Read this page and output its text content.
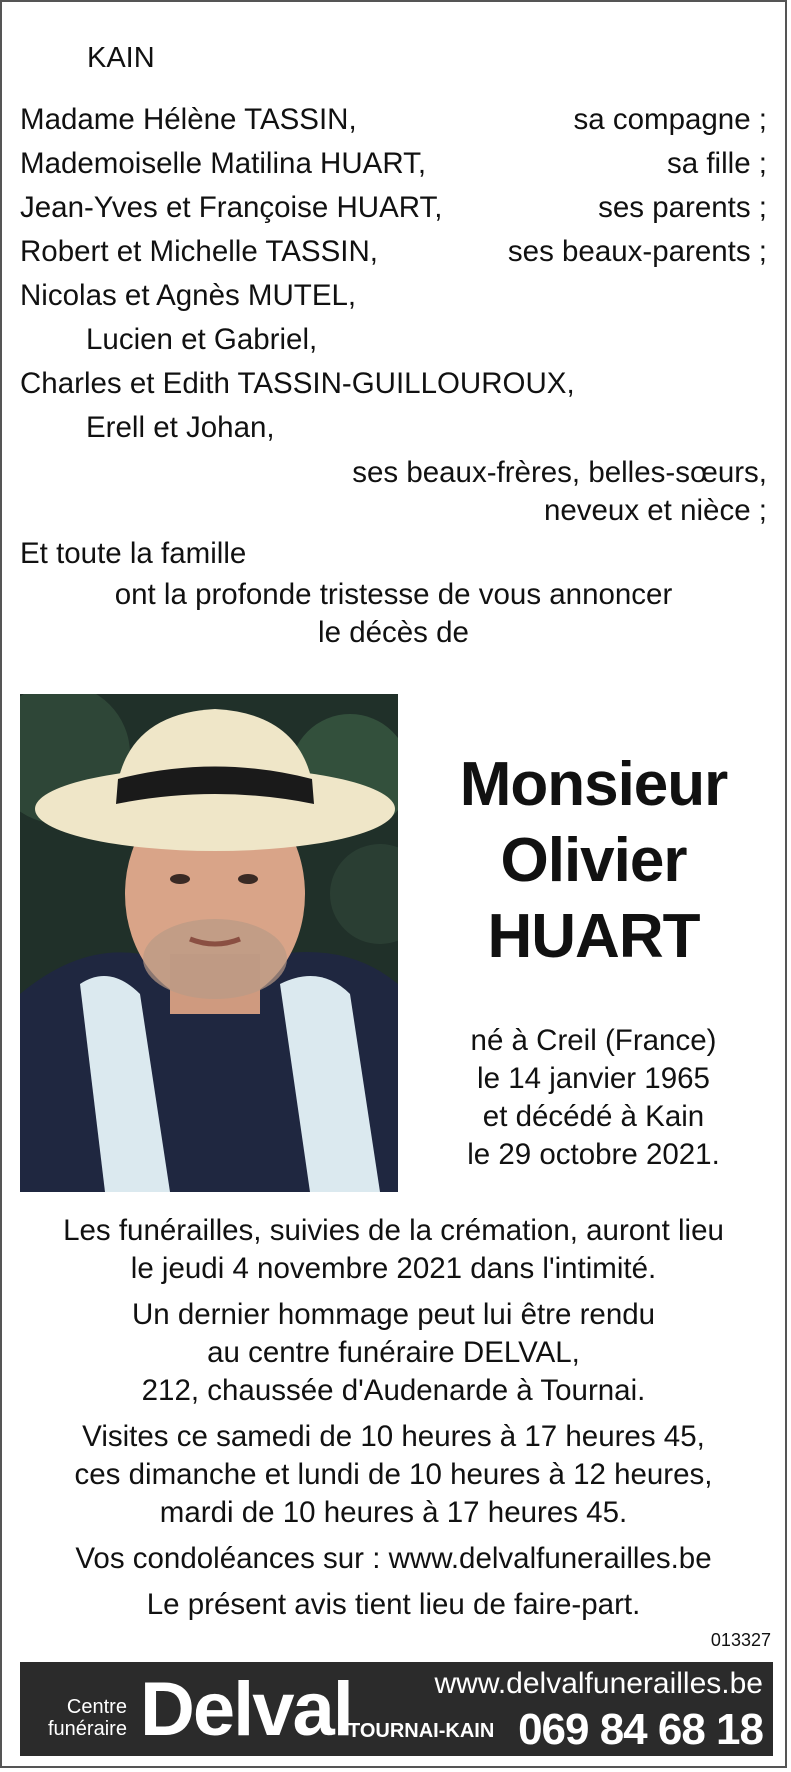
KAIN
Madame Hélène TASSIN,	sa compagne ;
Mademoiselle Matilina HUART,	sa fille ;
Jean-Yves et Françoise HUART,	ses parents ;
Robert et Michelle TASSIN,	ses beaux-parents ;
Nicolas et Agnès MUTEL,
Lucien et Gabriel,
Charles et Edith TASSIN-GUILLOUROUX,
Erell et Johan,
ses beaux-frères, belles-sœurs,
neveux et nièce ;
Et toute la famille
ont la profonde tristesse de vous annoncer
le décès de
Monsieur
Olivier
HUART
né à Creil (France)
le 14 janvier 1965
et décédé à Kain
le 29 octobre 2021.

Les funérailles, suivies de la crémation, auront lieu
le jeudi 4 novembre 2021 dans l'intimité.

Un dernier hommage peut lui être rendu
au centre funéraire DELVAL,
212, chaussée d'Audenarde à Tournai.

Visites ce samedi de 10 heures à 17 heures 45,
ces dimanche et lundi de 10 heures à 12 heures,
mardi de 10 heures à 17 heures 45.

Vos condoléances sur : www.delvalfunerailles.be

Le présent avis tient lieu de faire-part.

013327
Centre
funéraire Delval	www.delvalfunerailles.be
TOURNAI-KAIN 069 84 68 18
